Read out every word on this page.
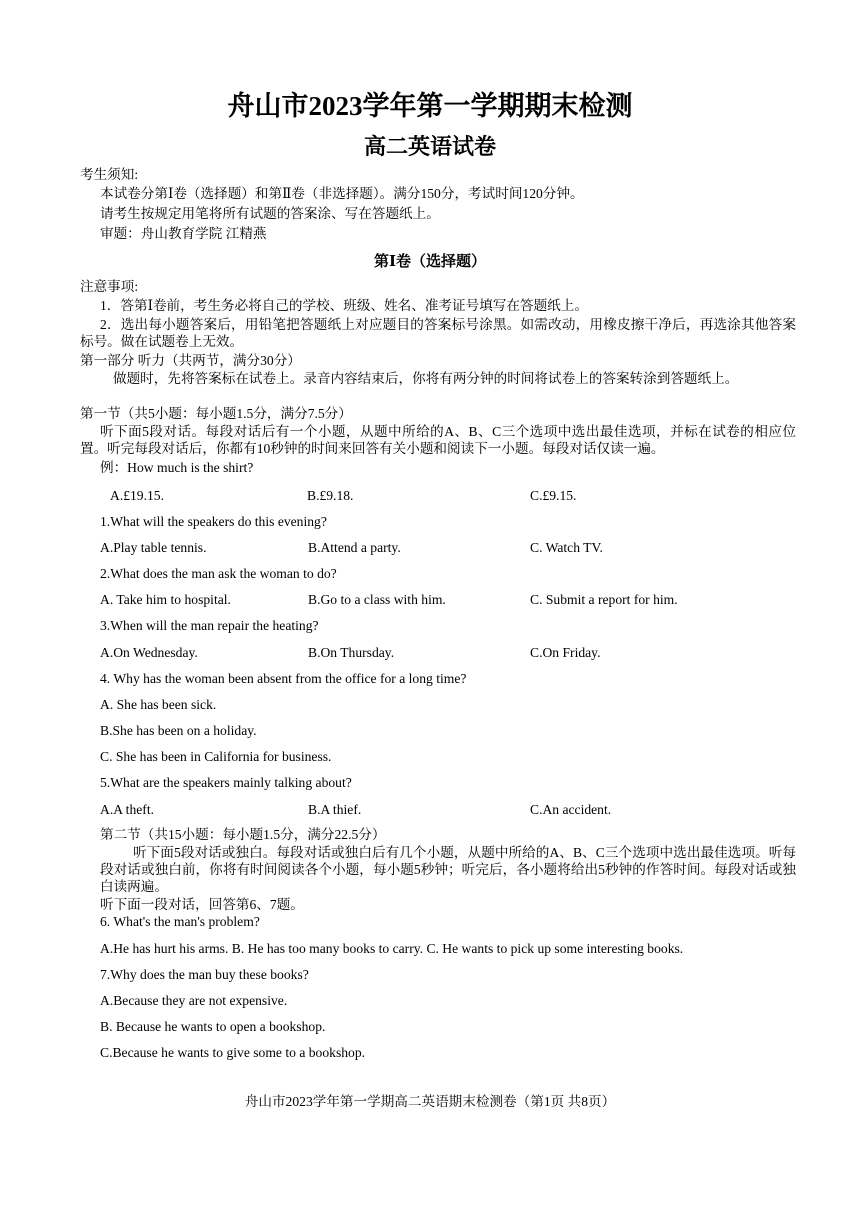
舟山市2023学年第一学期期末检测
高二英语试卷
考生须知:
本试卷分第Ⅰ卷（选择题）和第Ⅱ卷（非选择题）。满分150分，考试时间120分钟。
请考生按规定用笔将所有试题的答案涂、写在答题纸上。
审题：舟山教育学院 江精燕
第Ⅰ卷（选择题）
注意事项:
1．答第Ⅰ卷前，考生务必将自己的学校、班级、姓名、准考证号填写在答题纸上。
2．选出每小题答案后，用铅笔把答题纸上对应题目的答案标号涂黑。如需改动，用橡皮擦干净后，再选涂其他答案标号。做在试题卷上无效。
第一部分 听力（共两节，满分30分）
做题时，先将答案标在试卷上。录音内容结束后，你将有两分钟的时间将试卷上的答案转涂到答题纸上。
第一节（共5小题：每小题1.5分，满分7.5分）
听下面5段对话。每段对话后有一个小题，从题中所给的A、B、C三个选项中选出最佳选项，并标在试卷的相应位置。听完每段对话后，你都有10秒钟的时间来回答有关小题和阅读下一小题。每段对话仅读一遍。
例：How much is the shirt?
A.£19.15.	B.£9.18.	C.£9.15.
1.What will the speakers do this evening?
A.Play table tennis.	B.Attend a party.	C. Watch TV.
2.What does the man ask the woman to do?
A. Take him to hospital.	B.Go to a class with him.	C. Submit a report for him.
3.When will the man repair the heating?
A.On Wednesday.	B.On Thursday.	C.On Friday.
4. Why has the woman been absent from the office for a long time?
A. She has been sick.
B.She has been on a holiday.
C. She has been in California for business.
5.What are the speakers mainly talking about?
A.A theft.	B.A thief.	C.An accident.
第二节（共15小题：每小题1.5分，满分22.5分）
听下面5段对话或独白。每段对话或独白后有几个小题，从题中所给的A、B、C三个选项中选出最佳选项。听每段对话或独白前，你将有时间阅读各个小题，每小题5秒钟；听完后，各小题将给出5秒钟的作答时间。每段对话或独白读两遍。
听下面一段对话，回答第6、7题。
6. What's the man's problem?
A.He has hurt his arms. B. He has too many books to carry. C. He wants to pick up some interesting books.
7.Why does the man buy these books?
A.Because they are not expensive.
B. Because he wants to open a bookshop.
C.Because he wants to give some to a bookshop.
舟山市2023学年第一学期高二英语期末检测卷（第1页 共8页）
